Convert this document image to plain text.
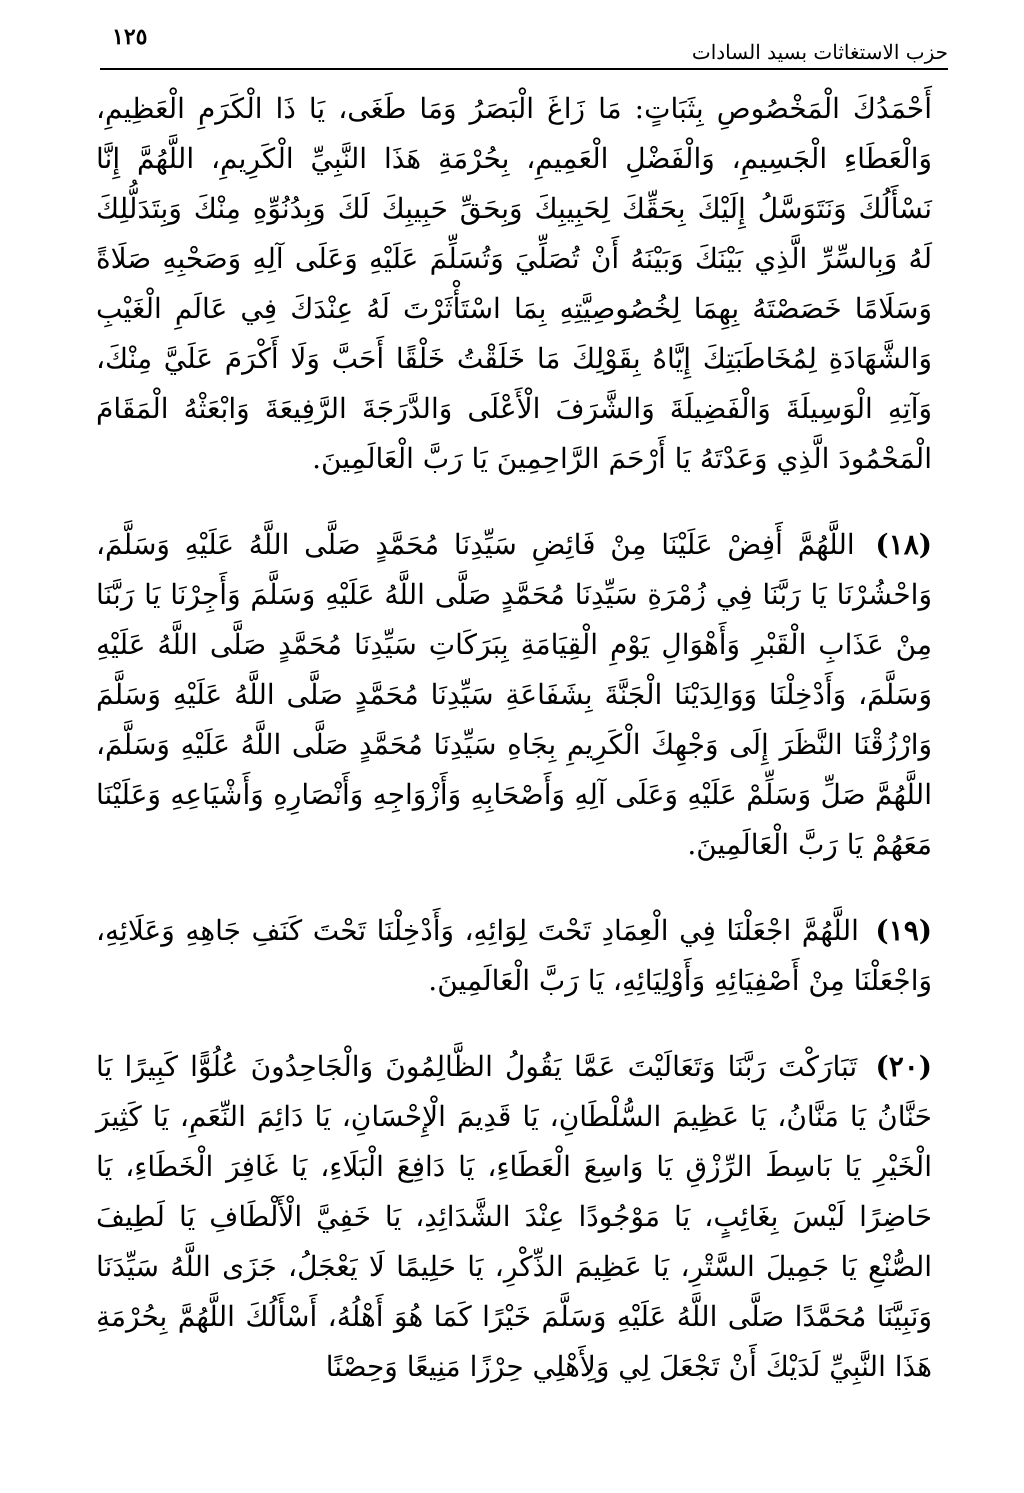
١٢٥
حزب الاستغاثات بسيد السادات

أَحْمَدُكَ الْمَخْصُوصِ بِثَبَاتٍ: مَا زَاغَ الْبَصَرُ وَمَا طَغَى، يَا ذَا الْكَرَمِ الْعَظِيمِ، وَالْعَطَاءِ الْجَسِيمِ، وَالْفَضْلِ الْعَمِيمِ، بِحُرْمَةِ هَذَا النَّبِيِّ الْكَرِيمِ، اللَّهُمَّ إِنَّا نَسْأَلُكَ وَنَتَوَسَّلُ إِلَيْكَ بِحَقِّكَ لِحَبِيبِكَ وَبِحَقِّ حَبِيبِكَ لَكَ وَبِدُنُوِّهِ مِنْكَ وَبِتَدَلُّلِكَ لَهُ وَبِالسِّرِّ الَّذِي بَيْنَكَ وَبَيْنَهُ أَنْ تُصَلِّيَ وَتُسَلِّمَ عَلَيْهِ وَعَلَى آلِهِ وَصَحْبِهِ صَلَاةً وَسَلَامًا خَصَصْتَهُ بِهِمَا لِخُصُوصِيَّتِهِ بِمَا اسْتَأْثَرْتَ لَهُ عِنْدَكَ فِي عَالَمِ الْغَيْبِ وَالشَّهَادَةِ لِمُخَاطَبَتِكَ إِيَّاهُ بِقَوْلِكَ مَا خَلَقْتُ خَلْقًا أَحَبَّ وَلَا أَكْرَمَ عَلَيَّ مِنْكَ، وَآتِهِ الْوَسِيلَةَ وَالْفَضِيلَةَ وَالشَّرَفَ الْأَعْلَى وَالدَّرَجَةَ الرَّفِيعَةَ وَابْعَثْهُ الْمَقَامَ الْمَحْمُودَ الَّذِي وَعَدْتَهُ يَا أَرْحَمَ الرَّاحِمِينَ يَا رَبَّ الْعَالَمِينَ.

(١٨) اللَّهُمَّ أَفِضْ عَلَيْنَا مِنْ فَائِضِ سَيِّدِنَا مُحَمَّدٍ صَلَّى اللَّهُ عَلَيْهِ وَسَلَّمَ، وَاحْشُرْنَا يَا رَبَّنَا فِي زُمْرَةِ سَيِّدِنَا مُحَمَّدٍ صَلَّى اللَّهُ عَلَيْهِ وَسَلَّمَ وَأَجِرْنَا يَا رَبَّنَا مِنْ عَذَابِ الْقَبْرِ وَأَهْوَالِ يَوْمِ الْقِيَامَةِ بِبَرَكَاتِ سَيِّدِنَا مُحَمَّدٍ صَلَّى اللَّهُ عَلَيْهِ وَسَلَّمَ، وَأَدْخِلْنَا وَوَالِدَيْنَا الْجَنَّةَ بِشَفَاعَةِ سَيِّدِنَا مُحَمَّدٍ صَلَّى اللَّهُ عَلَيْهِ وَسَلَّمَ وَارْزُقْنَا النَّظَرَ إِلَى وَجْهِكَ الْكَرِيمِ بِجَاهِ سَيِّدِنَا مُحَمَّدٍ صَلَّى اللَّهُ عَلَيْهِ وَسَلَّمَ، اللَّهُمَّ صَلِّ وَسَلِّمْ عَلَيْهِ وَعَلَى آلِهِ وَأَصْحَابِهِ وَأَزْوَاجِهِ وَأَنْصَارِهِ وَأَشْيَاعِهِ وَعَلَيْنَا مَعَهُمْ يَا رَبَّ الْعَالَمِينَ.

(١٩) اللَّهُمَّ اجْعَلْنَا فِي الْعِمَادِ تَحْتَ لِوَائِهِ، وَأَدْخِلْنَا تَحْتَ كَنَفِ جَاهِهِ وَعَلَائِهِ، وَاجْعَلْنَا مِنْ أَصْفِيَائِهِ وَأَوْلِيَائِهِ، يَا رَبَّ الْعَالَمِينَ.

(٢٠) تَبَارَكْتَ رَبَّنَا وَتَعَالَيْتَ عَمَّا يَقُولُ الظَّالِمُونَ وَالْجَاحِدُونَ عُلُوًّا كَبِيرًا يَا حَنَّانُ يَا مَنَّانُ، يَا عَظِيمَ السُّلْطَانِ، يَا قَدِيمَ الْإِحْسَانِ، يَا دَائِمَ النِّعَمِ، يَا كَثِيرَ الْخَيْرِ يَا بَاسِطَ الرِّزْقِ يَا وَاسِعَ الْعَطَاءِ، يَا دَافِعَ الْبَلَاءِ، يَا غَافِرَ الْخَطَاءِ، يَا حَاضِرًا لَيْسَ بِغَائِبٍ، يَا مَوْجُودًا عِنْدَ الشَّدَائِدِ، يَا خَفِيَّ الْأَلْطَافِ يَا لَطِيفَ الصُّنْعِ يَا جَمِيلَ السَّتْرِ، يَا عَظِيمَ الذِّكْرِ، يَا حَلِيمًا لَا يَعْجَلُ، جَزَى اللَّهُ سَيِّدَنَا وَنَبِيَّنَا مُحَمَّدًا صَلَّى اللَّهُ عَلَيْهِ وَسَلَّمَ خَيْرًا كَمَا هُوَ أَهْلُهُ، أَسْأَلُكَ اللَّهُمَّ بِحُرْمَةِ هَذَا النَّبِيِّ لَدَيْكَ أَنْ تَجْعَلَ لِي وَلِأَهْلِي حِرْزًا مَنِيعًا وَحِصْنًا
